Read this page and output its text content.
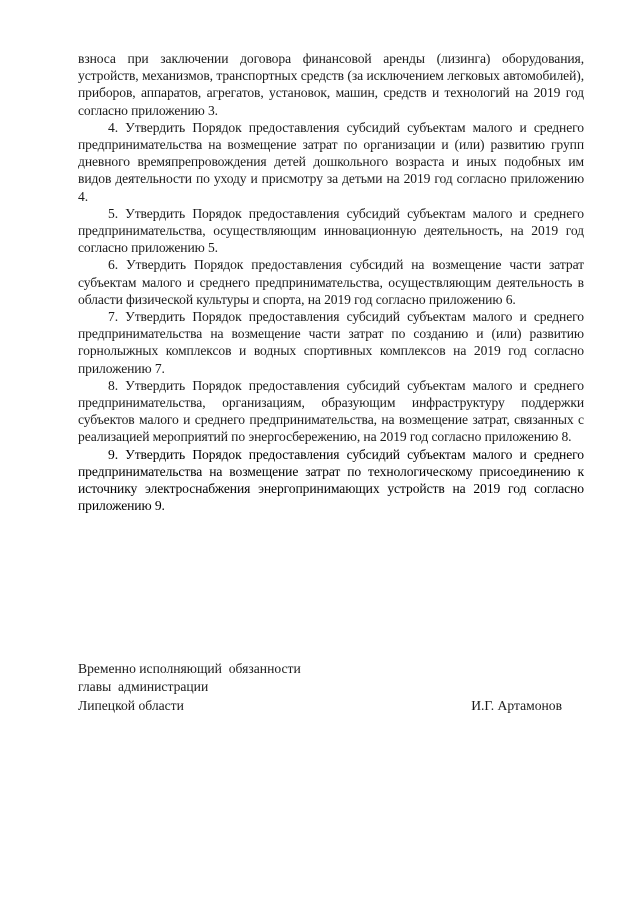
взноса при заключении договора финансовой аренды (лизинга) оборудования, устройств, механизмов, транспортных средств (за исключением легковых автомобилей), приборов, аппаратов, агрегатов, установок, машин, средств и технологий на 2019 год согласно приложению 3.

4. Утвердить Порядок предоставления субсидий субъектам малого и среднего предпринимательства на возмещение затрат по организации и (или) развитию групп дневного времяпрепровождения детей дошкольного возраста и иных подобных им видов деятельности по уходу и присмотру за детьми на 2019 год согласно приложению 4.

5. Утвердить Порядок предоставления субсидий субъектам малого и среднего предпринимательства, осуществляющим инновационную деятельность, на 2019 год согласно приложению 5.

6. Утвердить Порядок предоставления субсидий на возмещение части затрат субъектам малого и среднего предпринимательства, осуществляющим деятельность в области физической культуры и спорта, на 2019 год согласно приложению 6.

7. Утвердить Порядок предоставления субсидий субъектам малого и среднего предпринимательства на возмещение части затрат по созданию и (или) развитию горнолыжных комплексов и водных спортивных комплексов на 2019 год согласно приложению 7.

8. Утвердить Порядок предоставления субсидий субъектам малого и среднего предпринимательства, организациям, образующим инфраструктуру поддержки субъектов малого и среднего предпринимательства, на возмещение затрат, связанных с реализацией мероприятий по энергосбережению, на 2019 год согласно приложению 8.

9. Утвердить Порядок предоставления субсидий субъектам малого и среднего предпринимательства на возмещение затрат по технологическому присоединению к источнику электроснабжения энергопринимающих устройств на 2019 год согласно приложению 9.

Временно исполняющий  обязанности
главы  администрации
Липецкой области	И.Г. Артамонов
